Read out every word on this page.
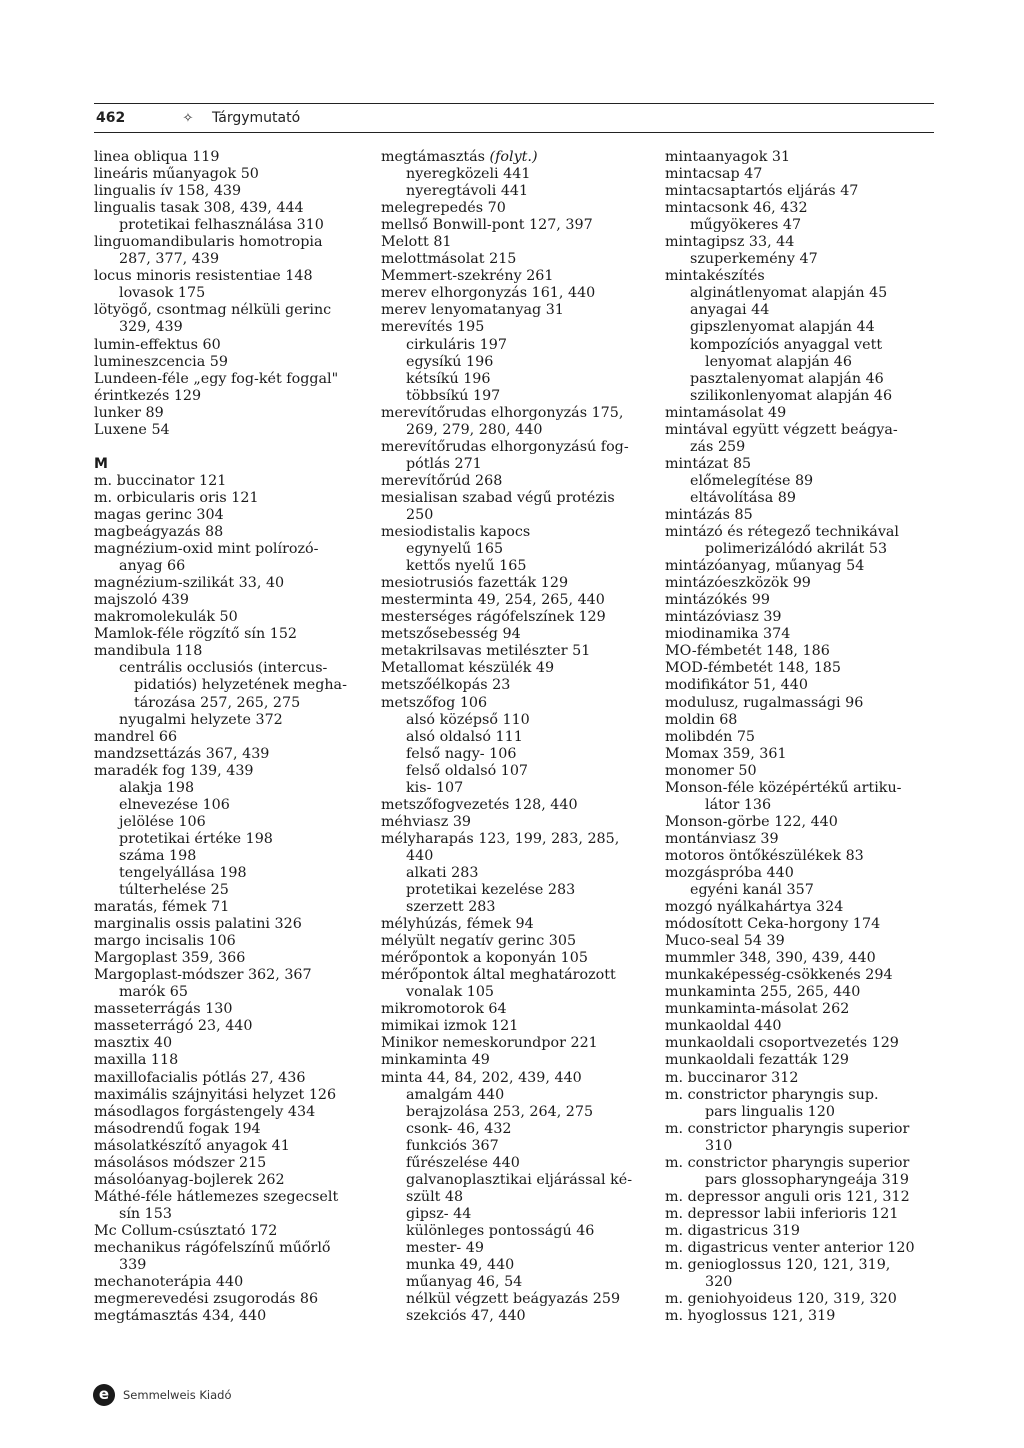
462	✧	Tárgymutató

linea obliqua 119

lineáris műanyagok 50

lingualis ív 158, 439

lingualis tasak 308, 439, 444

protetikai felhasználása 310

linguomandibularis homotropia

287, 377, 439

locus minoris resistentiae 148

lovasok 175

lötyögő, csontmag nélküli gerinc

329, 439

lumin-effektus 60

lumineszcencia 59

Lundeen-féle „egy fog-két foggal"

érintkezés 129

lunker 89

Luxene 54

M

m. buccinator 121

m. orbicularis oris 121

magas gerinc 304

magbeágyazás 88

magnézium-oxid mint polírozó-

anyag 66

magnézium-szilikát 33, 40

majszoló 439

makromolekulák 50

Mamlok-féle rögzítő sín 152

mandibula 118

centrális occlusiós (intercus-

pidatiós) helyzetének megha-

tározása 257, 265, 275

nyugalmi helyzete 372

mandrel 66

mandzsettázás 367, 439

maradék fog 139, 439

alakja 198

elnevezése 106

jelölése 106

protetikai értéke 198

száma 198

tengelyállása 198

túlterhelése 25

maratás, fémek 71

marginalis ossis palatini 326

margo incisalis 106

Margoplast 359, 366

Margoplast-módszer 362, 367

marók 65

masseterrágás 130

masseterrágó 23, 440

masztix 40

maxilla 118

maxillofacialis pótlás 27, 436

maximális szájnyitási helyzet 126

másodlagos forgástengely 434

másodrendű fogak 194

másolatkészítő anyagok 41

másolásos módszer 215

másolóanyag-bojlerek 262

Máthé-féle hátlemezes szegecselt

sín 153

Mc Collum-csúsztató 172

mechanikus rágófelszínű műőrlő

339

mechanoterápia 440

megmerevedési zsugorodás 86

megtámasztás 434, 440

megtámasztás (folyt.)

nyeregközeli 441

nyeregtávoli 441

melegrepedés 70

mellső Bonwill-pont 127, 397

Melott 81

melottmásolat 215

Memmert-szekrény 261

merev elhorgonyzás 161, 440

merev lenyomatanyag 31

merevítés 195

cirkuláris 197

egysíkú 196

kétsíkú 196

többsíkú 197

merevítőrudas elhorgonyzás 175,

269, 279, 280, 440

merevítőrudas elhorgonyzású fog-

pótlás 271

merevítőrúd 268

mesialisan szabad végű protézis

250

mesiodistalis kapocs

egynyelű 165

kettős nyelű 165

mesiotrusiós fazetták 129

mesterminta 49, 254, 265, 440

mesterséges rágófelszínek 129

metszősebesség 94

metakrilsavas metilészter 51

Metallomat készülék 49

metszőélkopás 23

metszőfog 106

alsó középső 110

alsó oldalsó 111

felső nagy- 106

felső oldalsó 107

kis- 107

metszőfogvezetés 128, 440

méhviasz 39

mélyharapás 123, 199, 283, 285,

440

alkati 283

protetikai kezelése 283

szerzett 283

mélyhúzás, fémek 94

mélyült negatív gerinc 305

mérőpontok a koponyán 105

mérőpontok által meghatározott

vonalak 105

mikromotorok 64

mimikai izmok 121

Minikor nemeskorundpor 221

minkaminta 49

minta 44, 84, 202, 439, 440

amalgám 440

berajzolása 253, 264, 275

csonk- 46, 432

funkciós 367

fűrészelése 440

galvanoplasztikai eljárással ké-

szült 48

gipsz- 44

különleges pontosságú 46

mester- 49

munka 49, 440

műanyag 46, 54

nélkül végzett beágyazás 259

szekciós 47, 440

mintaanyagok 31

mintacsap 47

mintacsaptartós eljárás 47

mintacsonk 46, 432

műgyökeres 47

mintagipsz 33, 44

szuperkemény 47

mintakészítés

alginátlenyomat alapján 45

anyagai 44

gipszlenyomat alapján 44

kompozíciós anyaggal vett

lenyomat alapján 46

pasztalenyomat alapján 46

szilikonlenyomat alapján 46

mintamásolat 49

mintával együtt végzett beágya-

zás 259

mintázat 85

előmelegítése 89

eltávolítása 89

mintázás 85

mintázó és rétegező technikával

polimerizálódó akrilát 53

mintázóanyag, műanyag 54

mintázóeszközök 99

mintázókés 99

mintázóviasz 39

miodinamika 374

MO-fémbetét 148, 186

MOD-fémbetét 148, 185

modifikátor 51, 440

modulusz, rugalmassági 96

moldin 68

molibdén 75

Momax 359, 361

monomer 50

Monson-féle középértékű artiku-

látor 136

Monson-görbe 122, 440

montánviasz 39

motoros öntőkészülékek 83

mozgáspróba 440

egyéni kanál 357

mozgó nyálkahártya 324

módosított Ceka-horgony 174

Muco-seal 54 39

mummler 348, 390, 439, 440

munkaképesség-csökkenés 294

munkaminta 255, 265, 440

munkaminta-másolat 262

munkaoldal 440

munkaoldali csoportvezetés 129

munkaoldali fezatták 129

m. buccinaror 312

m. constrictor pharyngis sup.

pars lingualis 120

m. constrictor pharyngis superior

310

m. constrictor pharyngis superior

pars glossopharyngeája 319

m. depressor anguli oris 121, 312

m. depressor labii inferioris 121

m. digastricus 319

m. digastricus venter anterior 120

m. genioglossus 120, 121, 319,

320

m. geniohyoideus 120, 319, 320

m. hyoglossus 121, 319

e Semmelweis Kiadó
